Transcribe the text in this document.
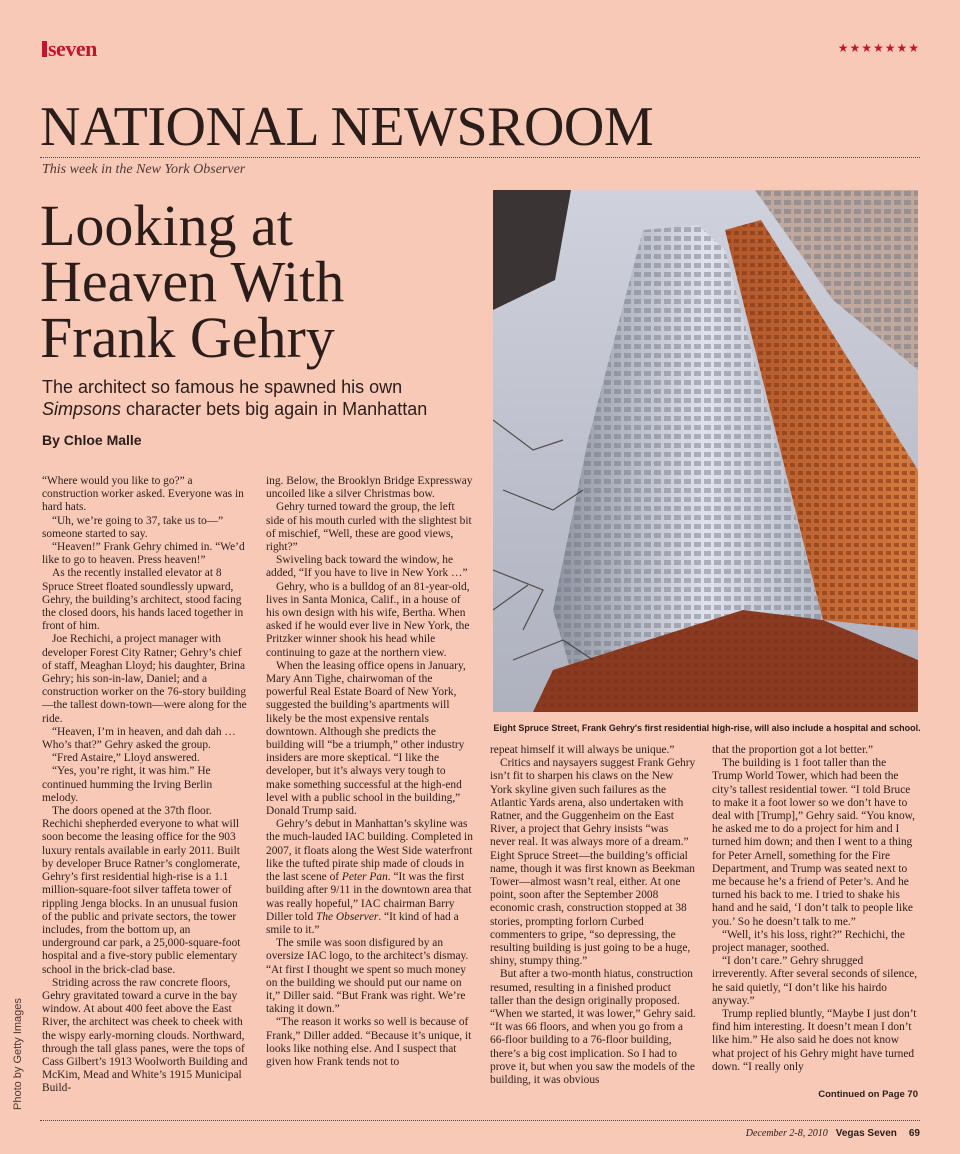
seven	★★★★★★★
NATIONAL NEWSROOM
This week in the New York Observer
Looking at Heaven With Frank Gehry
The architect so famous he spawned his own Simpsons character bets big again in Manhattan
By Chloe Malle
Eight Spruce Street, Frank Gehry's first residential high-rise, will also include a hospital and school.
Photo by Getty Images

“Where would you like to go?” a construction worker asked. Everyone was in hard hats.

“Uh, we’re going to 37, take us to—” someone started to say.

“Heaven!” Frank Gehry chimed in. “We’d like to go to heaven. Press heaven!”

As the recently installed elevator at 8 Spruce Street floated soundlessly upward, Gehry, the building’s architect, stood facing the closed doors, his hands laced together in front of him.

Joe Rechichi, a project manager with developer Forest City Ratner; Gehry’s chief of staff, Meaghan Lloyd; his daughter, Brina Gehry; his son-in-law, Daniel; and a construction worker on the 76-story building—the tallest down-town—were along for the ride.

“Heaven, I’m in heaven, and dah dah … Who’s that?” Gehry asked the group.

“Fred Astaire,” Lloyd answered.

“Yes, you’re right, it was him.” He continued humming the Irving Berlin melody.

The doors opened at the 37th floor. Rechichi shepherded everyone to what will soon become the leasing office for the 903 luxury rentals available in early 2011. Built by developer Bruce Ratner’s conglomerate, Gehry’s first residential high-rise is a 1.1 million-square-foot silver taffeta tower of rippling Jenga blocks. In an unusual fusion of the public and private sectors, the tower includes, from the bottom up, an underground car park, a 25,000-square-foot hospital and a five-story public elementary school in the brick-clad base.

Striding across the raw concrete floors, Gehry gravitated toward a curve in the bay window. At about 400 feet above the East River, the architect was cheek to cheek with the wispy early-morning clouds. Northward, through the tall glass panes, were the tops of Cass Gilbert’s 1913 Woolworth Building and McKim, Mead and White’s 1915 Municipal Build-

ing. Below, the Brooklyn Bridge Expressway uncoiled like a silver Christmas bow.

Gehry turned toward the group, the left side of his mouth curled with the slightest bit of mischief, “Well, these are good views, right?”

Swiveling back toward the window, he added, “If you have to live in New York …”

Gehry, who is a bulldog of an 81-year-old, lives in Santa Monica, Calif., in a house of his own design with his wife, Bertha. When asked if he would ever live in New York, the Pritzker winner shook his head while continuing to gaze at the northern view.

When the leasing office opens in January, Mary Ann Tighe, chairwoman of the powerful Real Estate Board of New York, suggested the building’s apartments will likely be the most expensive rentals downtown. Although she predicts the building will “be a triumph,” other industry insiders are more skeptical. “I like the developer, but it’s always very tough to make something successful at the high-end level with a public school in the building,” Donald Trump said.

Gehry’s debut in Manhattan’s skyline was the much-lauded IAC building. Completed in 2007, it floats along the West Side waterfront like the tufted pirate ship made of clouds in the last scene of Peter Pan. “It was the first building after 9/11 in the downtown area that was really hopeful,” IAC chairman Barry Diller told The Observer. “It kind of had a smile to it.”

The smile was soon disfigured by an oversize IAC logo, to the architect’s dismay. “At first I thought we spent so much money on the building we should put our name on it,” Diller said. “But Frank was right. We’re taking it down.”

“The reason it works so well is because of Frank,” Diller added. “Because it’s unique, it looks like nothing else. And I suspect that given how Frank tends not to

repeat himself it will always be unique.”

Critics and naysayers suggest Frank Gehry isn’t fit to sharpen his claws on the New York skyline given such failures as the Atlantic Yards arena, also undertaken with Ratner, and the Guggenheim on the East River, a project that Gehry insists “was never real. It was always more of a dream.” Eight Spruce Street—the building’s official name, though it was first known as Beekman Tower—almost wasn’t real, either. At one point, soon after the September 2008 economic crash, construction stopped at 38 stories, prompting forlorn Curbed commenters to gripe, “so depressing, the resulting building is just going to be a huge, shiny, stumpy thing.”

But after a two-month hiatus, construction resumed, resulting in a finished product taller than the design originally proposed. “When we started, it was lower,” Gehry said. “It was 66 floors, and when you go from a 66-floor building to a 76-floor building, there’s a big cost implication. So I had to prove it, but when you saw the models of the building, it was obvious

that the proportion got a lot better.”

The building is 1 foot taller than the Trump World Tower, which had been the city’s tallest residential tower. “I told Bruce to make it a foot lower so we don’t have to deal with [Trump],” Gehry said. “You know, he asked me to do a project for him and I turned him down; and then I went to a thing for Peter Arnell, something for the Fire Department, and Trump was seated next to me because he’s a friend of Peter’s. And he turned his back to me. I tried to shake his hand and he said, ‘I don’t talk to people like you.’ So he doesn’t talk to me.”

“Well, it’s his loss, right?” Rechichi, the project manager, soothed.

“I don’t care.” Gehry shrugged irreverently. After several seconds of silence, he said quietly, “I don’t like his hairdo anyway.”

Trump replied bluntly, “Maybe I just don’t find him interesting. It doesn’t mean I don’t like him.” He also said he does not know what project of his Gehry might have turned down. “I really only

Continued on Page 70
December 2-8, 2010 Vegas Seven 69
